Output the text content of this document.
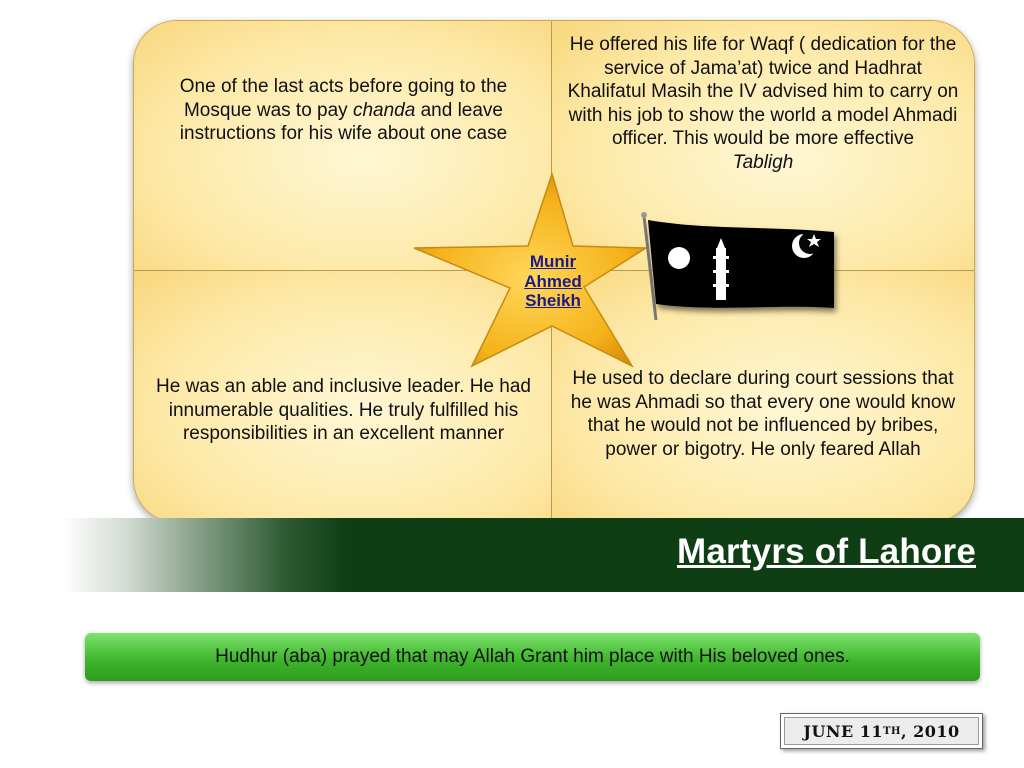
One of the last acts before going to the Mosque was to pay chanda and leave instructions for his wife about one case

He offered his life for Waqf ( dedication for the service of Jama’at) twice and Hadhrat Khalifatul Masih the IV advised him to carry on with his job to show the world a model Ahmadi officer. This would be more effective
Tabligh

He was an able and inclusive leader. He had innumerable qualities. He truly fulfilled his responsibilities in an excellent manner

He used to declare during court sessions that he was Ahmadi so that every one would know that he would not be influenced by bribes, power or bigotry. He only feared Allah

Munir
Ahmed
Sheikh
Martyrs of Lahore
Hudhur (aba) prayed that may Allah Grant him place with His beloved ones.
JUNE 11 TH , 2010
